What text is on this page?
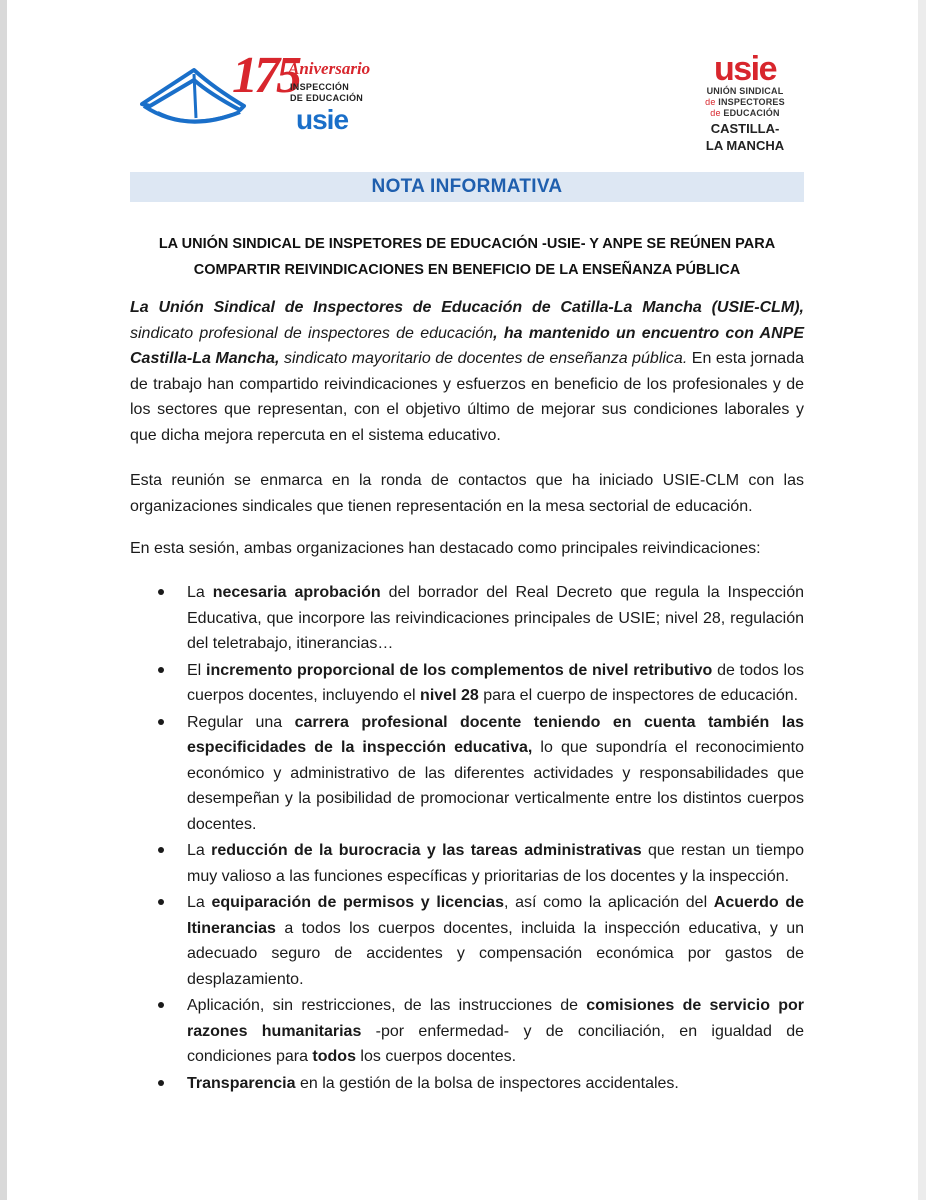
175
Aniversario
INSPECCIÓN
DE EDUCACIÓN
usie
usie
UNIÓN SINDICAL
de INSPECTORES
de EDUCACIÓN
CASTILLA-
LA MANCHA
NOTA INFORMATIVA
LA UNIÓN SINDICAL DE INSPETORES DE EDUCACIÓN -USIE- Y ANPE SE REÚNEN PARA
COMPARTIR REIVINDICACIONES EN BENEFICIO DE LA ENSEÑANZA PÚBLICA
La Unión Sindical de Inspectores de Educación de Catilla-La Mancha (USIE-CLM), sindicato profesional de inspectores de educación, ha mantenido un encuentro con ANPE Castilla-La Mancha, sindicato mayoritario de docentes de enseñanza pública. En esta jornada de trabajo han compartido reivindicaciones y esfuerzos en beneficio de los profesionales y de los sectores que representan, con el objetivo último de mejorar sus condiciones laborales y que dicha mejora repercuta en el sistema educativo.
Esta reunión se enmarca en la ronda de contactos que ha iniciado USIE-CLM con las organizaciones sindicales que tienen representación en la mesa sectorial de educación.
En esta sesión, ambas organizaciones han destacado como principales reivindicaciones:
La necesaria aprobación del borrador del Real Decreto que regula la Inspección Educativa, que incorpore las reivindicaciones principales de USIE; nivel 28, regulación del teletrabajo, itinerancias…
El incremento proporcional de los complementos de nivel retributivo de todos los cuerpos docentes, incluyendo el nivel 28 para el cuerpo de inspectores de educación.
Regular una carrera profesional docente teniendo en cuenta también las especificidades de la inspección educativa, lo que supondría el reconocimiento económico y administrativo de las diferentes actividades y responsabilidades que desempeñan y la posibilidad de promocionar verticalmente entre los distintos cuerpos docentes.
La reducción de la burocracia y las tareas administrativas que restan un tiempo muy valioso a las funciones específicas y prioritarias de los docentes y la inspección.
La equiparación de permisos y licencias, así como la aplicación del Acuerdo de Itinerancias a todos los cuerpos docentes, incluida la inspección educativa, y un adecuado seguro de accidentes y compensación económica por gastos de desplazamiento.
Aplicación, sin restricciones, de las instrucciones de comisiones de servicio por razones humanitarias -por enfermedad- y de conciliación, en igualdad de condiciones para todos los cuerpos docentes.
Transparencia en la gestión de la bolsa de inspectores accidentales.
